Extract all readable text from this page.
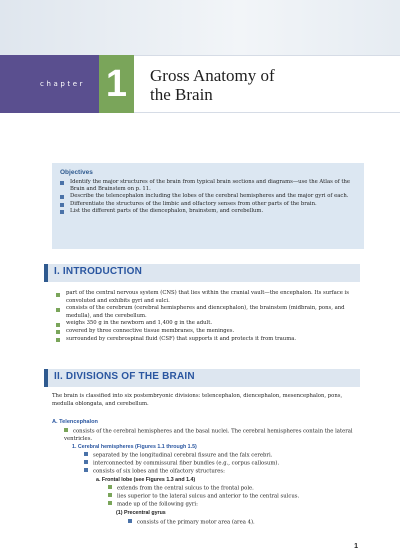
chapter 1	Gross Anatomy of
the Brain
Objectives
Identify the major structures of the brain from typical brain sections and diagrams—use the Atlas of the Brain and Brainstem on p. 11.
Describe the telencephalon including the lobes of the cerebral hemispheres and the major gyri of each.
Differentiate the structures of the limbic and olfactory senses from other parts of the brain.
List the different parts of the diencephalon, brainstem, and cerebellum.
I. INTRODUCTION
part of the central nervous system (CNS) that lies within the cranial vault—the encephalon. Its surface is convoluted and exhibits gyri and sulci.
consists of the cerebrum (cerebral hemispheres and diencephalon), the brainstem (midbrain, pons, and medulla), and the cerebellum.
weighs 350 g in the newborn and 1,400 g in the adult.
covered by three connective tissue membranes, the meninges.
surrounded by cerebrospinal fluid (CSF) that supports it and protects it from trauma.
II. DIVISIONS OF THE BRAIN
The brain is classified into six postembryonic divisions: telencephalon, diencephalon, mesencephalon, pons, medulla oblongata, and cerebellum.
A. Telencephalon
consists of the cerebral hemispheres and the basal nuclei. The cerebral hemispheres contain the lateral ventricles.
1. Cerebral hemispheres (Figures 1.1 through 1.5)
separated by the longitudinal cerebral fissure and the falx cerebri.
interconnected by commissural fiber bundles (e.g., corpus callosum).
consists of six lobes and the olfactory structures:
a. Frontal lobe (see Figures 1.3 and 1.4)
extends from the central sulcus to the frontal pole.
lies superior to the lateral sulcus and anterior to the central sulcus.
made up of the following gyri:
(1) Precentral gyrus
consists of the primary motor area (area 4).
1
